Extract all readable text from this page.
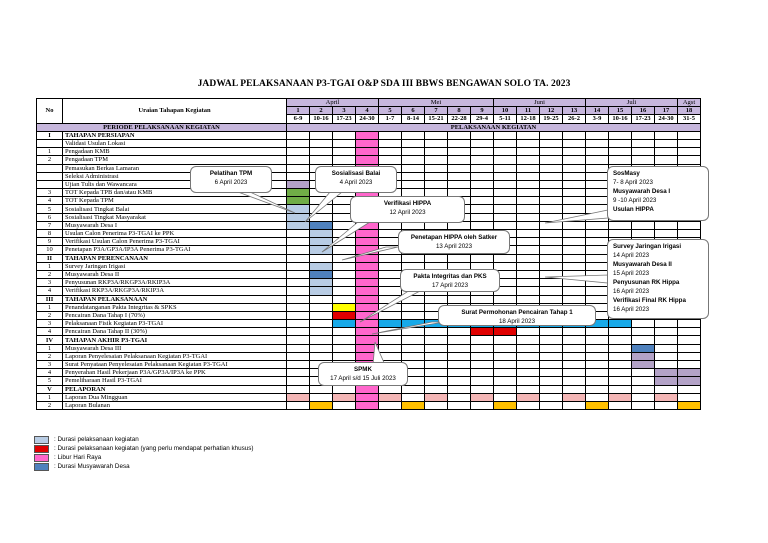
JADWAL PELAKSANAAN P3-TGAI O&P SDA III BBWS BENGAWAN SOLO TA. 2023
No	Uraian Tahapan Kegiatan	April				Mei					Juni				Juli				Agst
		1	2	3	4	5	6	7	8	9	10	11	12	13	14	15	16	17	18
		6-9	10-16	17-23	24-30	1-7	8-14	15-21	22-28	29-4	5-11	12-18	19-25	26-2	3-9	10-16	17-23	24-30	31-5
PERIODE PELAKSANAAN KEGIATAN		PELAKSANAAN KEGIATAN																	
I	TAHAPAN PERSIAPAN																		
	Validasi Usulan Lokasi																		
1	Pengadaan KMB																		
2	Pengadaan TPM																		
	Pemasukan Berkas Lamaran																		
	Seleksi Administrasi																		
	Ujian Tulis dan Wawancara																		
3	TOT Kepada TPB dan/atau KMB																		
4	TOT Kepada TPM																		
5	Sosialisasi Tingkat Balai																		
6	Sosialisasi Tingkat Masyarakat																		
7	Musyawarah Desa I																		
8	Usulan Calon Penerima P3-TGAI ke PPK																		
9	Verifikasi Usulan Calon Penerima P3-TGAI																		
10	Penetapan P3A/GP3A/IP3A Penerima P3-TGAI																		
II	TAHAPAN PERENCANAAN																		
1	Survey Jaringan Irigasi																		
2	Musyawarah Desa II																		
3	Penyusunan RKP3A/RKGP3A/RKIP3A																		
4	Verifikasi RKP3A/RKGP3A/RKIP3A																		
III	TAHAPAN PELAKSANAAN																		
1	Penandatanganan Pakta Integritas & SPKS																		
2	Pencairan Dana Tahap I (70%)																		
3	Pelaksanaan Fisik Kegiatan P3-TGAI																		
4	Pencairan Dana Tahap II (30%)																		
IV	TAHAPAN AKHIR P3-TGAI																		
1	Musyawarah Desa III																		
2	Laporan Penyelesaian Pelaksanaan Kegiatan P3-TGAI																		
3	Surat Penyataan Penyelesaian Pelaksanaan Kegiatan P3-TGAI																		
4	Penyerahan Hasil Pekerjaan P3A/GP3A/IP3A ke PPK																		
5	Pemeliharaan Hasil P3-TGAI																		
V	PELAPORAN																		
1	Laporan Dua Mingguan																		
2	Laporan Bulanan																		
Pelatihan TPM
6 April 2023
Sosialisasi Balai
4 April 2023
Verifikasi HIPPA
12 April 2023
Penetapan HIPPA oleh Satker
13 April 2023
Pakta Integritas dan PKS
17 April 2023
Surat Permohonan Pencairan Tahap 1
18 April 2023
SPMK
17 April s/d 15 Juli 2023
SosMasy
7- 8 April 2023
Musyawarah Desa I
9 -10 April 2023
Usulan HIPPA
Survey Jaringan Irigasi
14 April 2023
Musyawarah Desa II
15 April 2023
Penyusunan RK Hippa
16 April 2023
Verifikasi Final RK Hippa
16 April 2023
: Durasi pelaksanaan kegiatan
: Durasi pelaksanaan kegiatan (yang perlu mendapat perhatian khusus)
: Libur Hari Raya
: Durasi Musyawarah Desa
